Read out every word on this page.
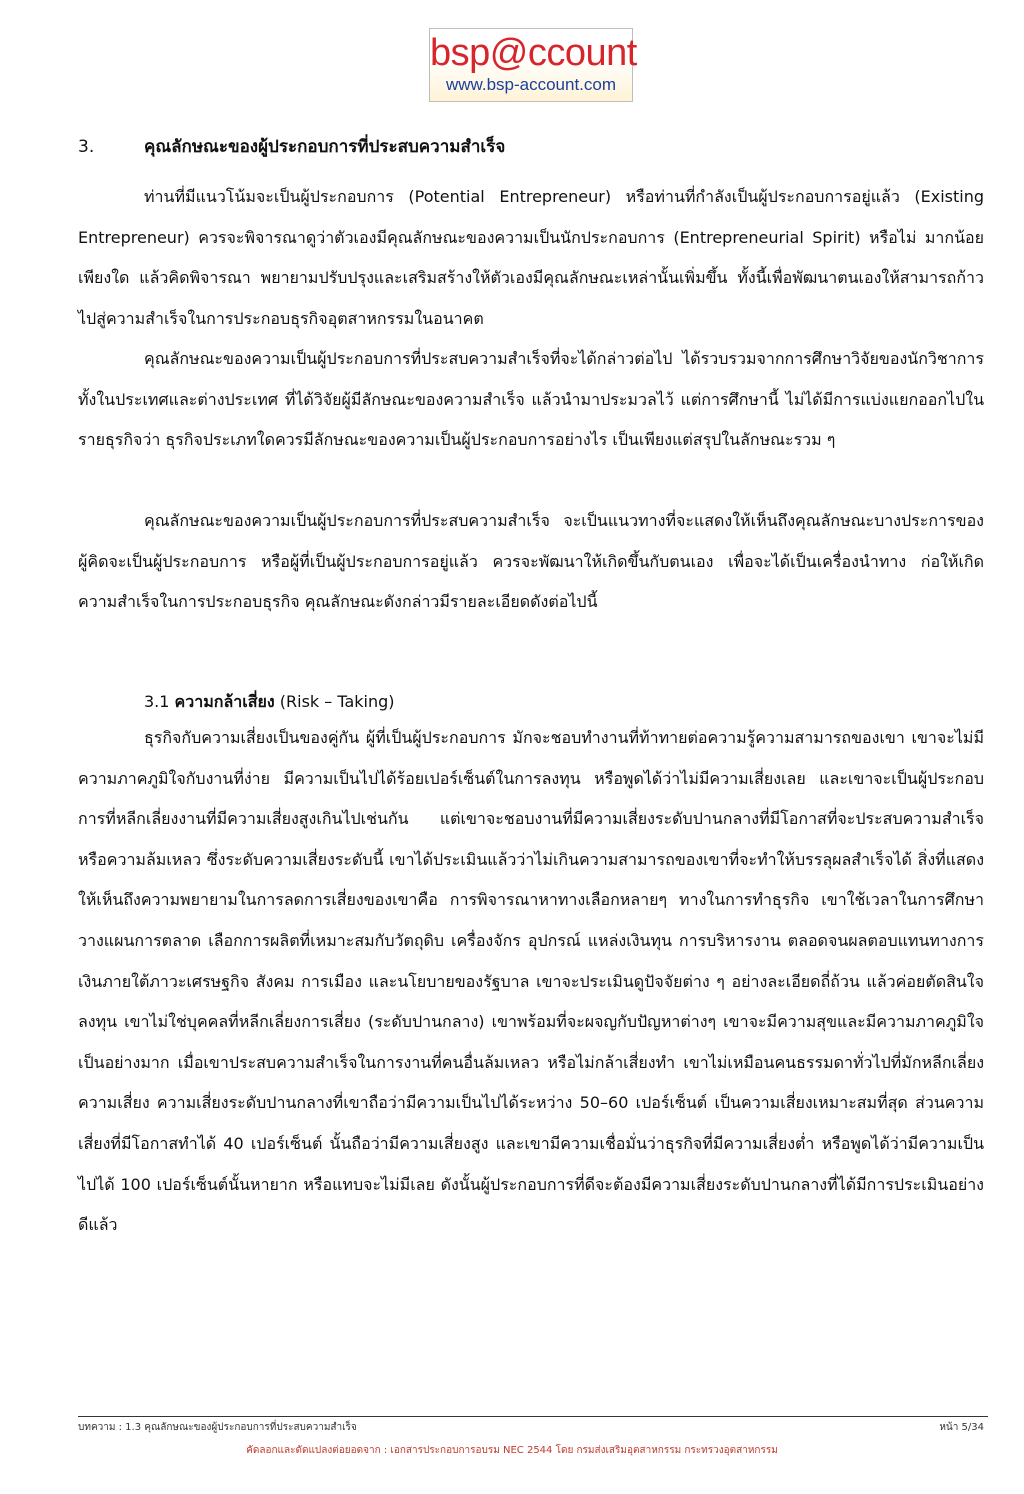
bsp@ccount
www.bsp-account.com
3.	คุณลักษณะของผู้ประกอบการที่ประสบความสำเร็จ

ท่านที่มีแนวโน้มจะเป็นผู้ประกอบการ (Potential Entrepreneur) หรือท่านที่กำลังเป็นผู้ประกอบการอยู่แล้ว (Existing Entrepreneur) ควรจะพิจารณาดูว่าตัวเองมีคุณลักษณะของความเป็นนักประกอบการ (Entrepreneurial Spirit) หรือไม่ มากน้อยเพียงใด แล้วคิดพิจารณา พยายามปรับปรุงและเสริมสร้างให้ตัวเองมีคุณลักษณะเหล่านั้นเพิ่มขึ้น ทั้งนี้เพื่อพัฒนาตนเองให้สามารถก้าวไปสู่ความสำเร็จในการประกอบธุรกิจอุตสาหกรรมในอนาคต

คุณลักษณะของความเป็นผู้ประกอบการที่ประสบความสำเร็จที่จะได้กล่าวต่อไป ได้รวบรวมจากการศึกษาวิจัยของนักวิชาการทั้งในประเทศและต่างประเทศ ที่ได้วิจัยผู้มีลักษณะของความสำเร็จ แล้วนำมาประมวลไว้ แต่การศึกษานี้ ไม่ได้มีการแบ่งแยกออกไปในรายธุรกิจว่า ธุรกิจประเภทใดควรมีลักษณะของความเป็นผู้ประกอบการอย่างไร เป็นเพียงแต่สรุปในลักษณะรวม ๆ

คุณลักษณะของความเป็นผู้ประกอบการที่ประสบความสำเร็จ จะเป็นแนวทางที่จะแสดงให้เห็นถึงคุณลักษณะบางประการของผู้คิดจะเป็นผู้ประกอบการ หรือผู้ที่เป็นผู้ประกอบการอยู่แล้ว ควรจะพัฒนาให้เกิดขึ้นกับตนเอง เพื่อจะได้เป็นเครื่องนำทาง ก่อให้เกิดความสำเร็จในการประกอบธุรกิจ คุณลักษณะดังกล่าวมีรายละเอียดดังต่อไปนี้

3.1 ความกล้าเสี่ยง (Risk – Taking)

ธุรกิจกับความเสี่ยงเป็นของคู่กัน ผู้ที่เป็นผู้ประกอบการ มักจะชอบทำงานที่ท้าทายต่อความรู้ความสามารถของเขา เขาจะไม่มีความภาคภูมิใจกับงานที่ง่าย มีความเป็นไปได้ร้อยเปอร์เซ็นต์ในการลงทุน หรือพูดได้ว่าไม่มีความเสี่ยงเลย และเขาจะเป็นผู้ประกอบการที่หลีกเลี่ยงงานที่มีความเสี่ยงสูงเกินไปเช่นกัน แต่เขาจะชอบงานที่มีความเสี่ยงระดับปานกลางที่มีโอกาสที่จะประสบความสำเร็จหรือความล้มเหลว ซึ่งระดับความเสี่ยงระดับนี้ เขาได้ประเมินแล้วว่าไม่เกินความสามารถของเขาที่จะทำให้บรรลุผลสำเร็จได้ สิ่งที่แสดงให้เห็นถึงความพยายามในการลดการเสี่ยงของเขาคือ การพิจารณาหาทางเลือกหลายๆ ทางในการทำธุรกิจ เขาใช้เวลาในการศึกษาวางแผนการตลาด เลือกการผลิตที่เหมาะสมกับวัตถุดิบ เครื่องจักร อุปกรณ์ แหล่งเงินทุน การบริหารงาน ตลอดจนผลตอบแทนทางการเงินภายใต้ภาวะเศรษฐกิจ สังคม การเมือง และนโยบายของรัฐบาล เขาจะประเมินดูปัจจัยต่าง ๆ อย่างละเอียดถี่ถ้วน แล้วค่อยตัดสินใจลงทุน เขาไม่ใช่บุคคลที่หลีกเลี่ยงการเสี่ยง (ระดับปานกลาง) เขาพร้อมที่จะผจญกับปัญหาต่างๆ เขาจะมีความสุขและมีความภาคภูมิใจเป็นอย่างมาก เมื่อเขาประสบความสำเร็จในการงานที่คนอื่นล้มเหลว หรือไม่กล้าเสี่ยงทำ เขาไม่เหมือนคนธรรมดาทั่วไปที่มักหลีกเลี่ยงความเสี่ยง ความเสี่ยงระดับปานกลางที่เขาถือว่ามีความเป็นไปได้ระหว่าง 50–60 เปอร์เซ็นต์ เป็นความเสี่ยงเหมาะสมที่สุด ส่วนความเสี่ยงที่มีโอกาสทำได้ 40 เปอร์เซ็นต์ นั้นถือว่ามีความเสี่ยงสูง และเขามีความเชื่อมั่นว่าธุรกิจที่มีความเสี่ยงต่ำ หรือพูดได้ว่ามีความเป็นไปได้ 100 เปอร์เซ็นต์นั้นหายาก หรือแทบจะไม่มีเลย ดังนั้นผู้ประกอบการที่ดีจะต้องมีความเสี่ยงระดับปานกลางที่ได้มีการประเมินอย่างดีแล้ว

บทความ : 1.3 คุณลักษณะของผู้ประกอบการที่ประสบความสำเร็จ	หน้า 5/34
คัดลอกและดัดแปลงต่อยอดจาก : เอกสารประกอบการอบรม NEC 2544 โดย กรมส่งเสริมอุตสาหกรรม กระทรวงอุตสาหกรรม
